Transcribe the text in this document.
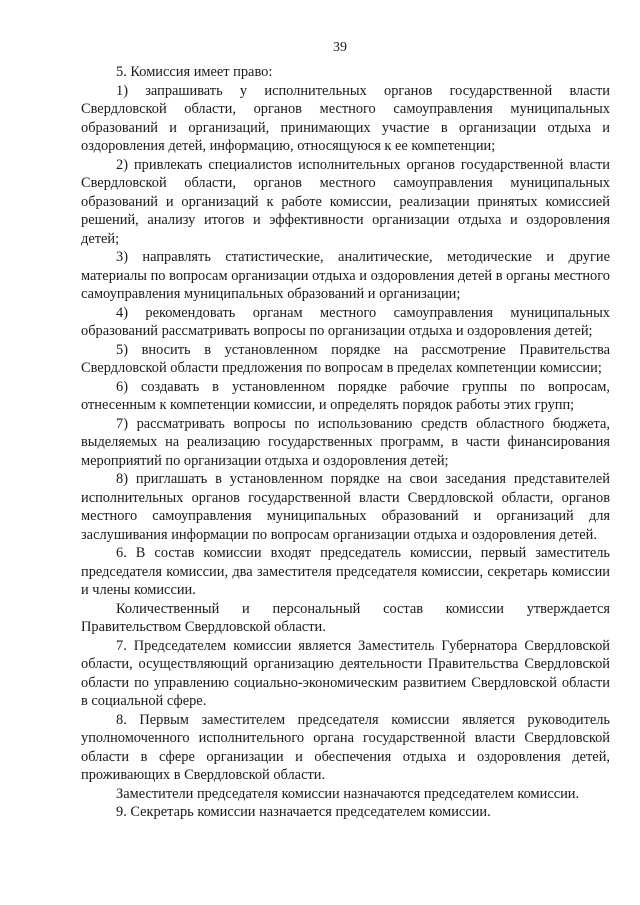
39

5. Комиссия имеет право:

1) запрашивать у исполнительных органов государственной власти Свердловской области, органов местного самоуправления муниципальных образований и организаций, принимающих участие в организации отдыха и оздоровления детей, информацию, относящуюся к ее компетенции;

2) привлекать специалистов исполнительных органов государственной власти Свердловской области, органов местного самоуправления муниципальных образований и организаций к работе комиссии, реализации принятых комиссией решений, анализу итогов и эффективности организации отдыха и оздоровления детей;

3) направлять статистические, аналитические, методические и другие материалы по вопросам организации отдыха и оздоровления детей в органы местного самоуправления муниципальных образований и организации;

4) рекомендовать органам местного самоуправления муниципальных образований рассматривать вопросы по организации отдыха и оздоровления детей;

5) вносить в установленном порядке на рассмотрение Правительства Свердловской области предложения по вопросам в пределах компетенции комиссии;

6) создавать в установленном порядке рабочие группы по вопросам, отнесенным к компетенции комиссии, и определять порядок работы этих групп;

7) рассматривать вопросы по использованию средств областного бюджета, выделяемых на реализацию государственных программ, в части финансирования мероприятий по организации отдыха и оздоровления детей;

8) приглашать в установленном порядке на свои заседания представителей исполнительных органов государственной власти Свердловской области, органов местного самоуправления муниципальных образований и организаций для заслушивания информации по вопросам организации отдыха и оздоровления детей.

6. В состав комиссии входят председатель комиссии, первый заместитель председателя комиссии, два заместителя председателя комиссии, секретарь комиссии и члены комиссии.

Количественный и персональный состав комиссии утверждается Правительством Свердловской области.

7. Председателем комиссии является Заместитель Губернатора Свердловской области, осуществляющий организацию деятельности Правительства Свердловской области по управлению социально-экономическим развитием Свердловской области в социальной сфере.

8. Первым заместителем председателя комиссии является руководитель уполномоченного исполнительного органа государственной власти Свердловской области в сфере организации и обеспечения отдыха и оздоровления детей, проживающих в Свердловской области.

Заместители председателя комиссии назначаются председателем комиссии.

9. Секретарь комиссии назначается председателем комиссии.
